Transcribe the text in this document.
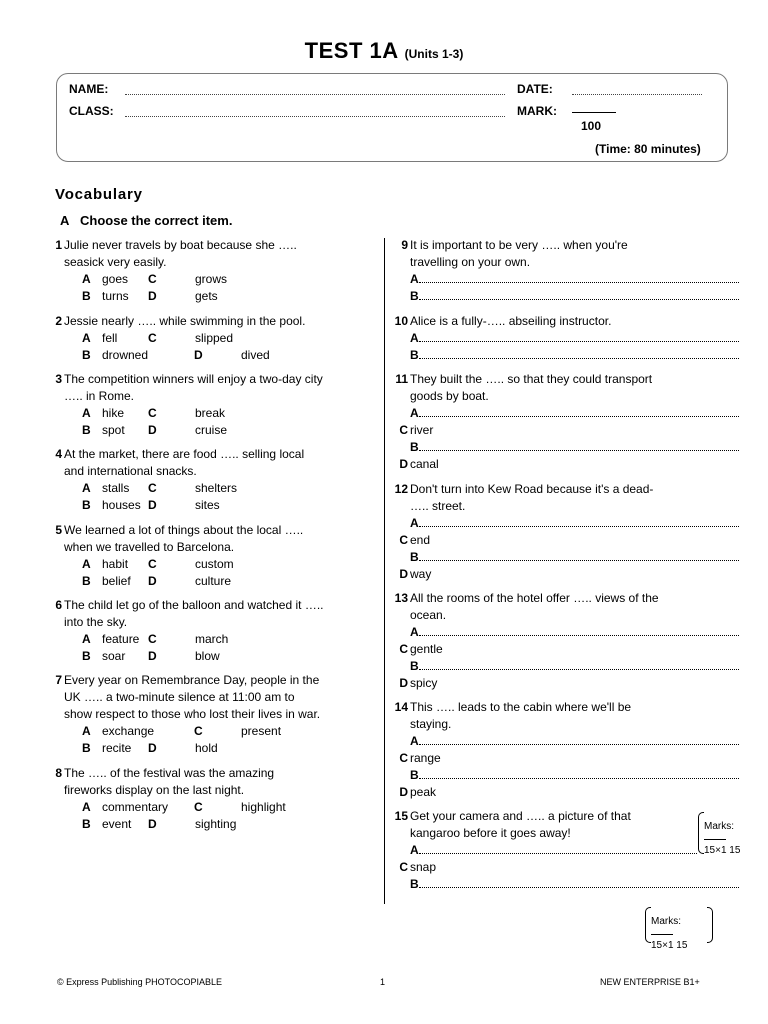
TEST 1A (Units 1-3)
NAME:
CLASS:
DATE:
MARK:
100
(Time: 80 minutes)
Vocabulary
A Choose the correct item.
1 Julie never travels by boat because she …..
seasick very easily.
A goes C	grows
B turns D	gets
2 Jessie nearly ….. while swimming in the pool.
A fell	C	slipped
B drowned	D	dived
3 The competition winners will enjoy a two-day city
….. in Rome.
A hike C	break
B spot D	cruise
4 At the market, there are food ….. selling local
and international snacks.
A stalls C	shelters
B houses D	sites
5 We learned a lot of things about the local …..
when we travelled to Barcelona.
A habit C	custom
B belief D	culture
6 The child let go of the balloon and watched it …..
into the sky.
A feature C	march
B soar D	blow
7 Every year on Remembrance Day, people in the
UK ….. a two-minute silence at 11:00 am to
show respect to those who lost their lives in war.
A exchange	C	present
B recite D	hold
8 The ….. of the festival was the amazing
fireworks display on the last night.
A commentary C	highlight
B event D	sighting
9 It is important to be very ….. when you're
travelling on your own.
A
B
10 Alice is a fully-….. abseiling instructor.
A
B
11 They built the ….. so that they could transport
goods by boat.
A
C river
B
D canal
12 Don't turn into Kew Road because it's a dead-
….. street.
A
C end
B
D way
13 All the rooms of the hotel offer ….. views of the
ocean.
A
C gentle
B
D spicy
14 This ….. leads to the cabin where we'll be
staying.
A
C range
B
D peak
15 Get your camera and ….. a picture of that
kangaroo before it goes away!
A
C snap
B
Marks:
15×1 15
Marks:
15×1 15
© Express Publishing PHOTOCOPIABLE	1	NEW ENTERPRISE B1+
